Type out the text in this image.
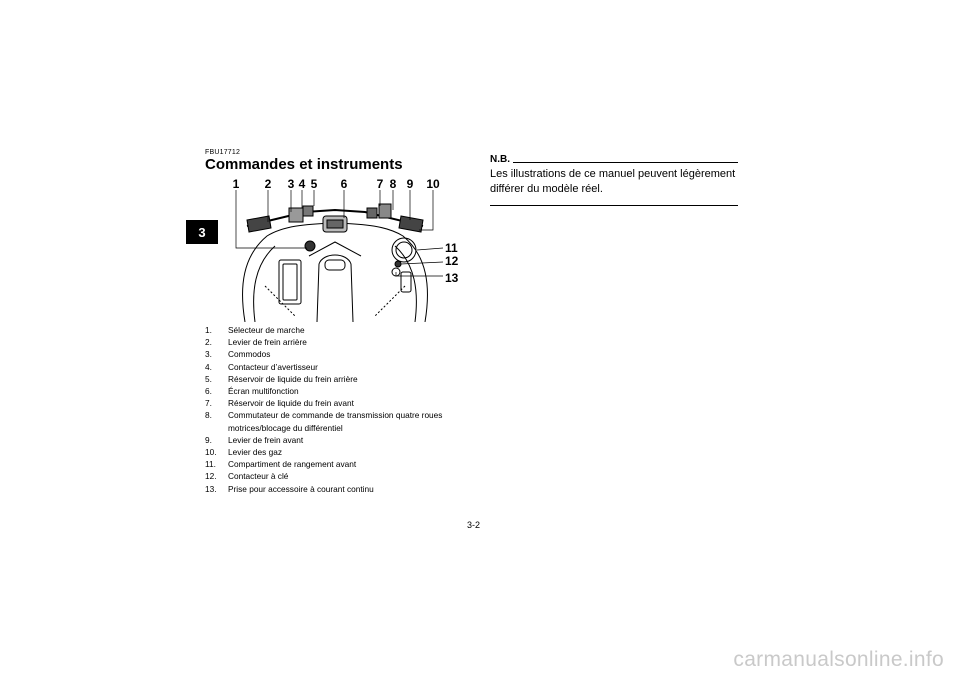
3
FBU17712
Commandes et instruments
1 2 3 4 5 6 7 8 9 10
11
12
13
1.	Sélecteur de marche
2.	Levier de frein arrière
3.	Commodos
4.	Contacteur d’avertisseur
5.	Réservoir de liquide du frein arrière
6.	Écran multifonction
7.	Réservoir de liquide du frein avant
8.	Commutateur de commande de transmission quatre roues motrices/blocage du différentiel
9.	Levier de frein avant
10.	Levier des gaz
11.	Compartiment de rangement avant
12.	Contacteur à clé
13.	Prise pour accessoire à courant continu
N.B.
Les illustrations de ce manuel peuvent légèrement différer du modèle réel.
3-2
carmanualsonline.info
